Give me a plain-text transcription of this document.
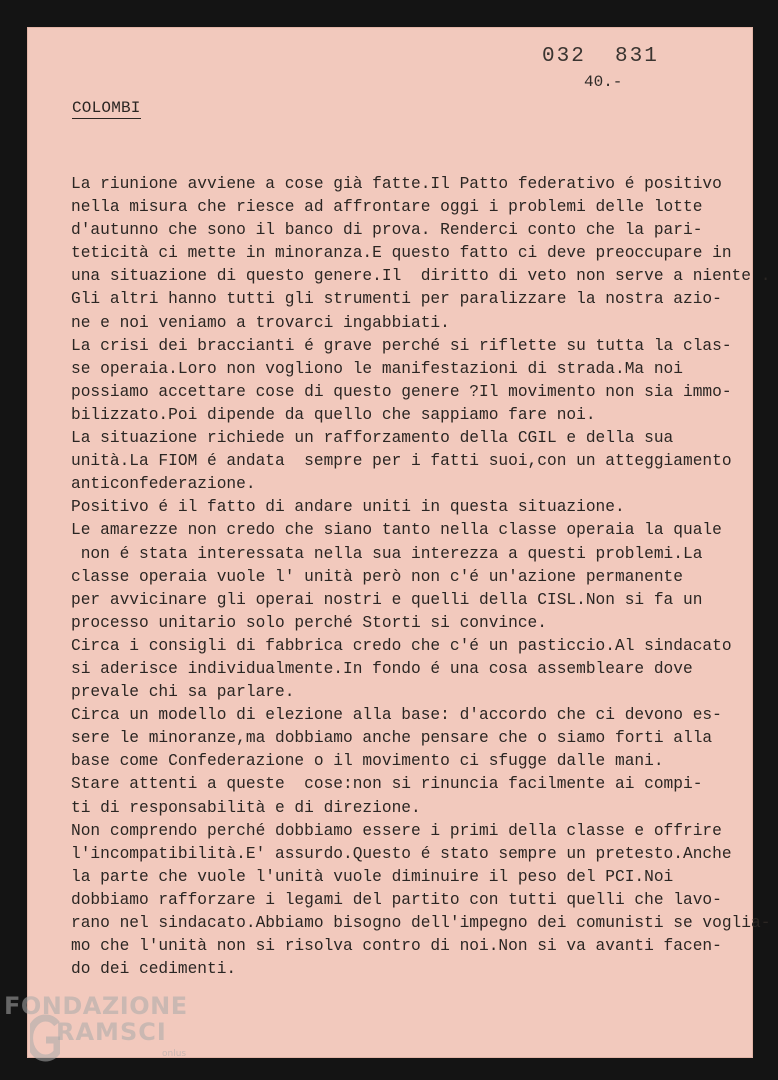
032  831
40.-
COLOMBI
La riunione avviene a cose già fatte.Il Patto federativo é positivo
nella misura che riesce ad affrontare oggi i problemi delle lotte
d'autunno che sono il banco di prova. Renderci conto che la pari-
teticità ci mette in minoranza.E questo fatto ci deve preoccupare in
una situazione di questo genere.Il  diritto di veto non serve a niente .
Gli altri hanno tutti gli strumenti per paralizzare la nostra azio-
ne e noi veniamo a trovarci ingabbiati.
La crisi dei braccianti é grave perché si riflette su tutta la clas-
se operaia.Loro non vogliono le manifestazioni di strada.Ma noi
possiamo accettare cose di questo genere ?Il movimento non sia immo-
bilizzato.Poi dipende da quello che sappiamo fare noi.
La situazione richiede un rafforzamento della CGIL e della sua
unità.La FIOM é andata  sempre per i fatti suoi,con un atteggiamento
anticonfederazione.
Positivo é il fatto di andare uniti in questa situazione.
Le amarezze non credo che siano tanto nella classe operaia la quale
non é stata interessata nella sua interezza a questi problemi.La
classe operaia vuole l' unità però non c'é un'azione permanente
per avvicinare gli operai nostri e quelli della CISL.Non si fa un
processo unitario solo perché Storti si convince.
Circa i consigli di fabbrica credo che c'é un pasticcio.Al sindacato
si aderisce individualmente.In fondo é una cosa assembleare dove
prevale chi sa parlare.
Circa un modello di elezione alla base: d'accordo che ci devono es-
sere le minoranze,ma dobbiamo anche pensare che o siamo forti alla
base come Confederazione o il movimento ci sfugge dalle mani.
Stare attenti a queste  cose:non si rinuncia facilmente ai compi-
ti di responsabilità e di direzione.
Non comprendo perché dobbiamo essere i primi della classe e offrire
l'incompatibilità.E' assurdo.Questo é stato sempre un pretesto.Anche
la parte che vuole l'unità vuole diminuire il peso del PCI.Noi
dobbiamo rafforzare i legami del partito con tutti quelli che lavo-
rano nel sindacato.Abbiamo bisogno dell'impegno dei comunisti se voglia-
mo che l'unità non si risolva contro di noi.Non si va avanti facen-
do dei cedimenti.
FONDAZIONE
RAMSCI
onlus
